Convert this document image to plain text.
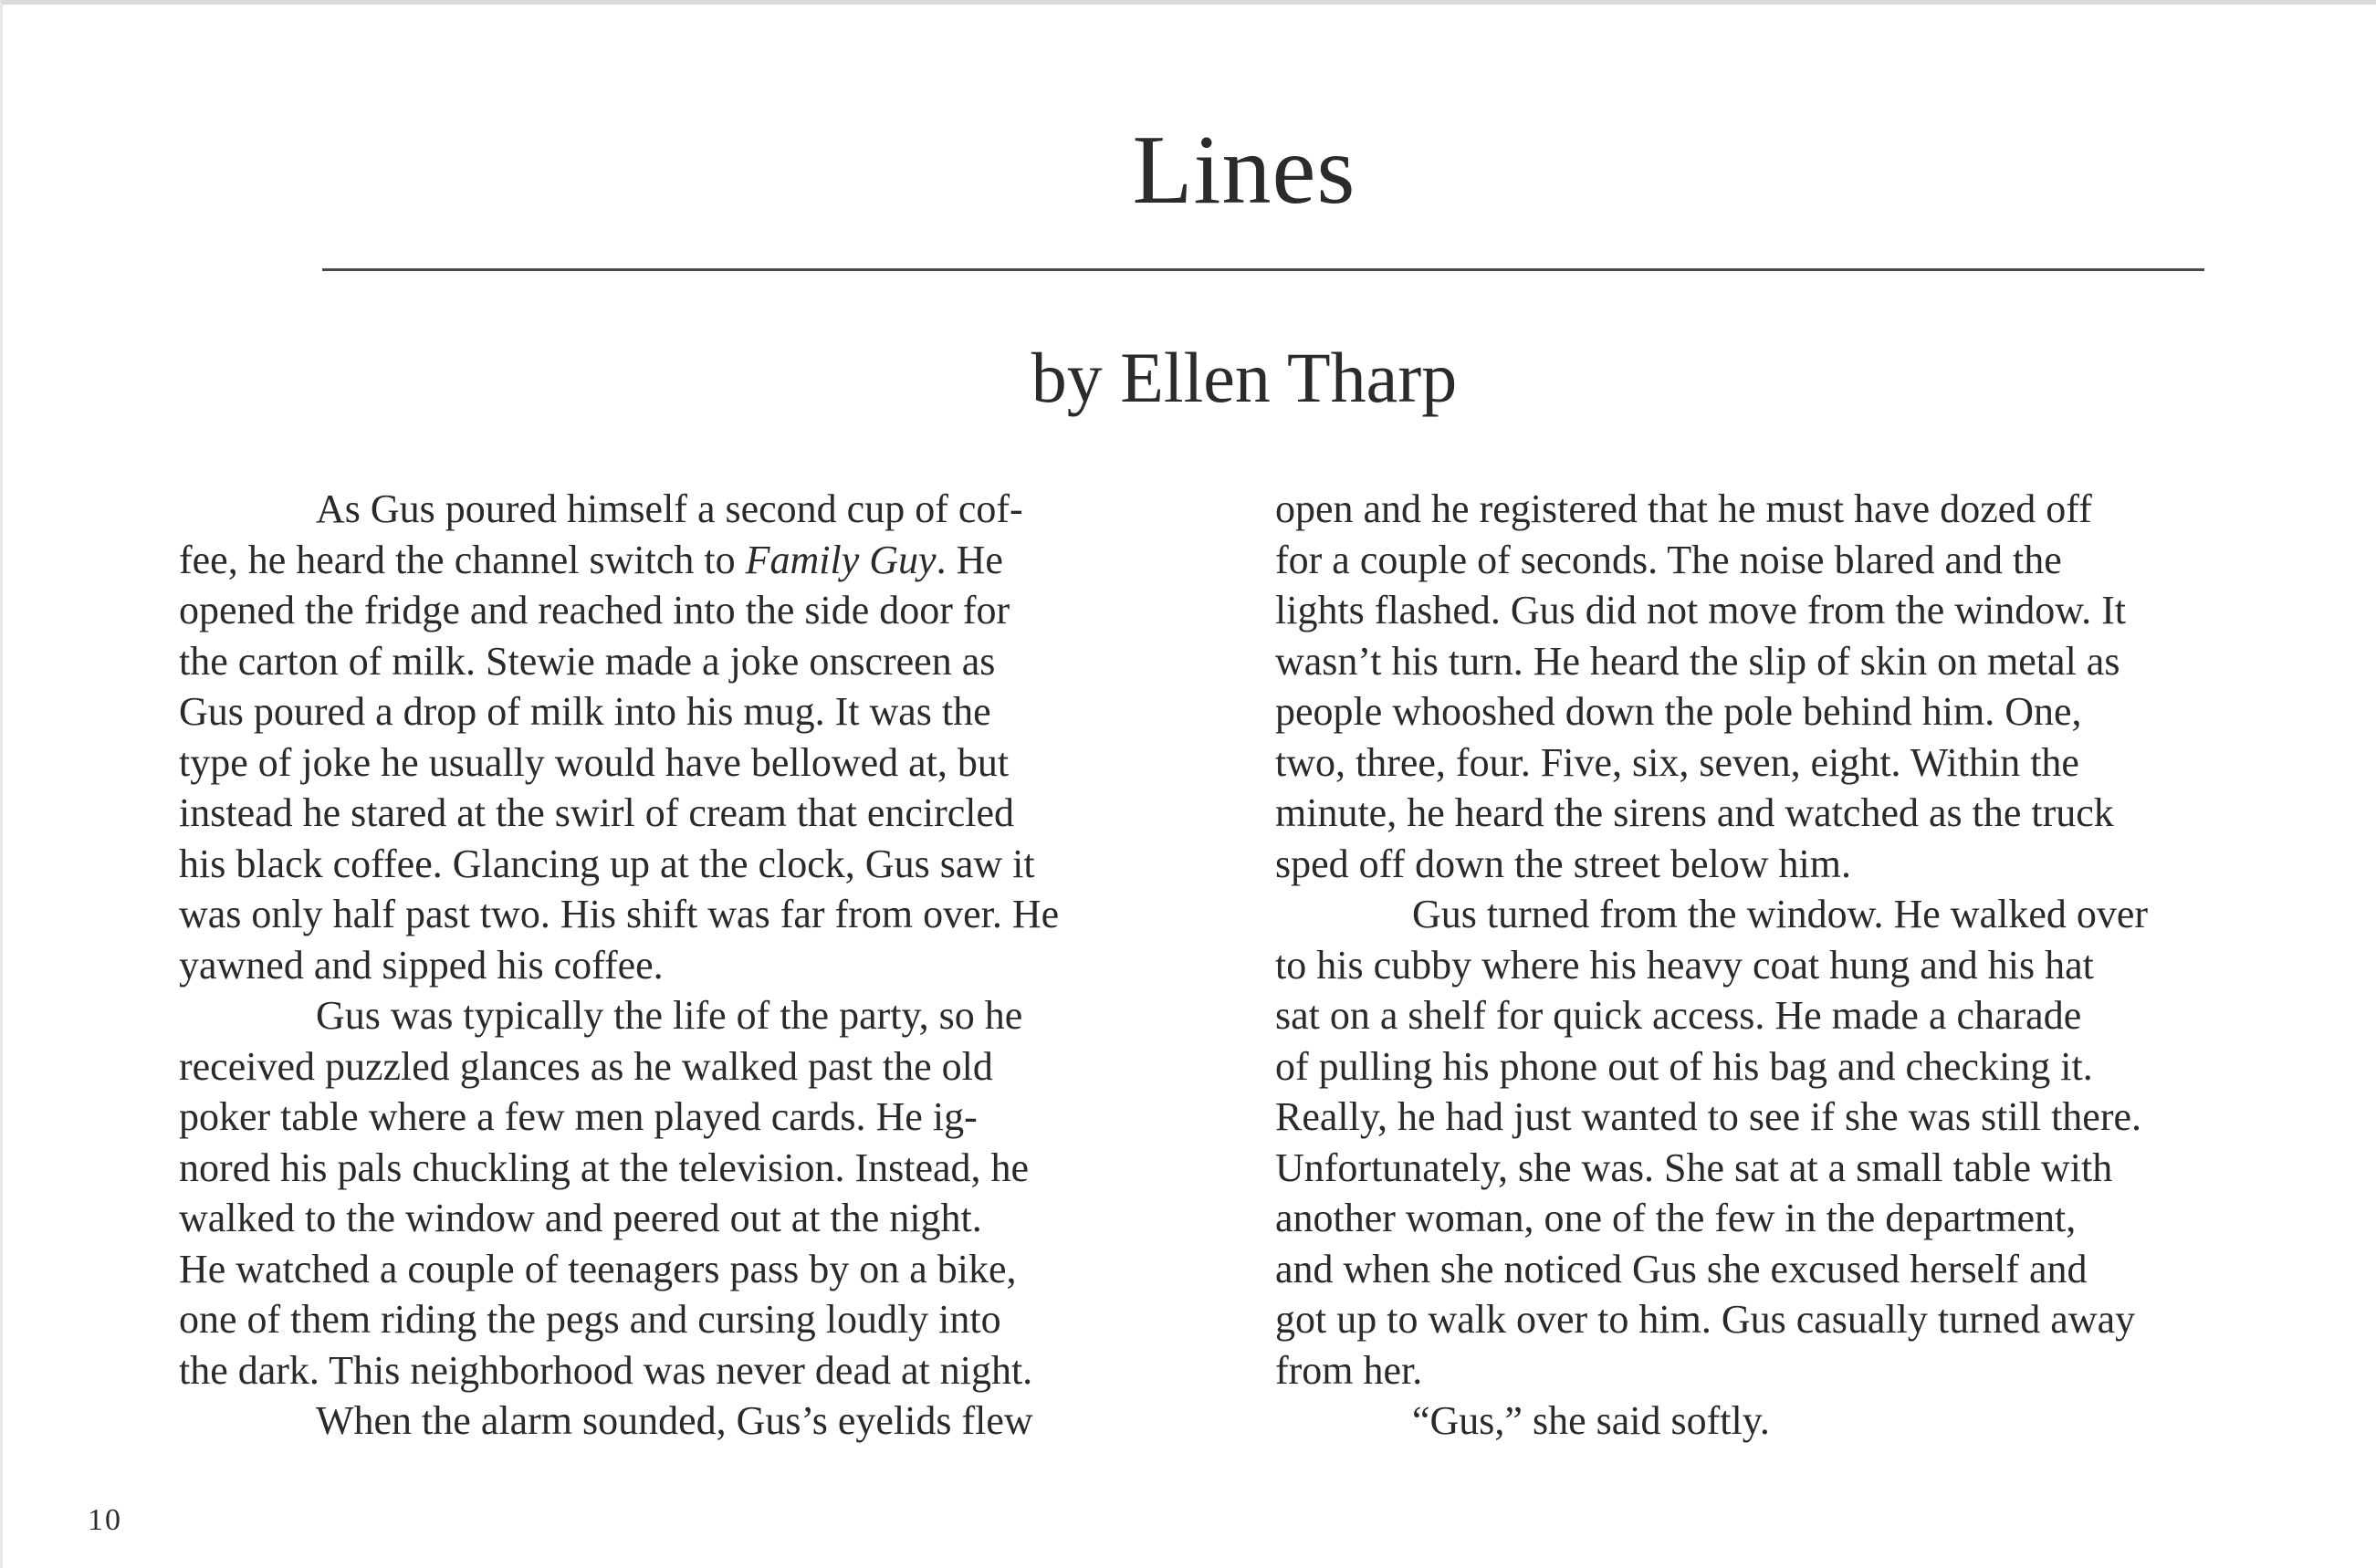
Lines
by Ellen Tharp
As Gus poured himself a second cup of cof-
fee, he heard the channel switch to Family Guy. He
opened the fridge and reached into the side door for
the carton of milk. Stewie made a joke onscreen as
Gus poured a drop of milk into his mug. It was the
type of joke he usually would have bellowed at, but
instead he stared at the swirl of cream that encircled
his black coffee. Glancing up at the clock, Gus saw it
was only half past two. His shift was far from over. He
yawned and sipped his coffee.
Gus was typically the life of the party, so he
received puzzled glances as he walked past the old
poker table where a few men played cards. He ig-
nored his pals chuckling at the television. Instead, he
walked to the window and peered out at the night.
He watched a couple of teenagers pass by on a bike,
one of them riding the pegs and cursing loudly into
the dark. This neighborhood was never dead at night.
When the alarm sounded, Gus’s eyelids flew
open and he registered that he must have dozed off
for a couple of seconds. The noise blared and the
lights flashed. Gus did not move from the window. It
wasn’t his turn. He heard the slip of skin on metal as
people whooshed down the pole behind him. One,
two, three, four. Five, six, seven, eight. Within the
minute, he heard the sirens and watched as the truck
sped off down the street below him.
Gus turned from the window. He walked over
to his cubby where his heavy coat hung and his hat
sat on a shelf for quick access. He made a charade
of pulling his phone out of his bag and checking it.
Really, he had just wanted to see if she was still there.
Unfortunately, she was. She sat at a small table with
another woman, one of the few in the department,
and when she noticed Gus she excused herself and
got up to walk over to him. Gus casually turned away
from her.
“Gus,” she said softly.
10
